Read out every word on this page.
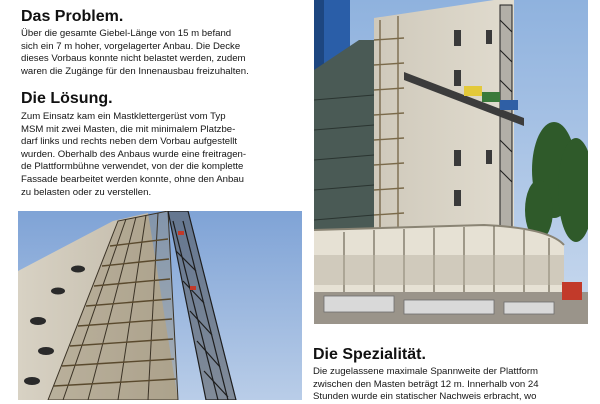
Das Problem.
Über die gesamte Giebel-Länge von 15 m befand
sich ein 7 m hoher, vorgelagerter Anbau. Die Decke
dieses Vorbaus konnte nicht belastet werden, zudem
waren die Zugänge für den Innenausbau freizuhalten.
Die Lösung.
Zum Einsatz kam ein Mastklettergerüst vom Typ
MSM mit zwei Masten, die mit minimalem Platzbe-
darf links und rechts neben dem Vorbau aufgestellt
wurden. Oberhalb des Anbaus wurde eine freitragen-
de Plattformbühne verwendet, von der die komplette
Fassade bearbeitet werden konnte, ohne den Anbau
zu belasten oder zu verstellen.
Die Spezialität.
Die zugelassene maximale Spannweite der Plattform
zwischen den Masten beträgt 12 m. Innerhalb von 24
Stunden wurde ein statischer Nachweis erbracht, wo
